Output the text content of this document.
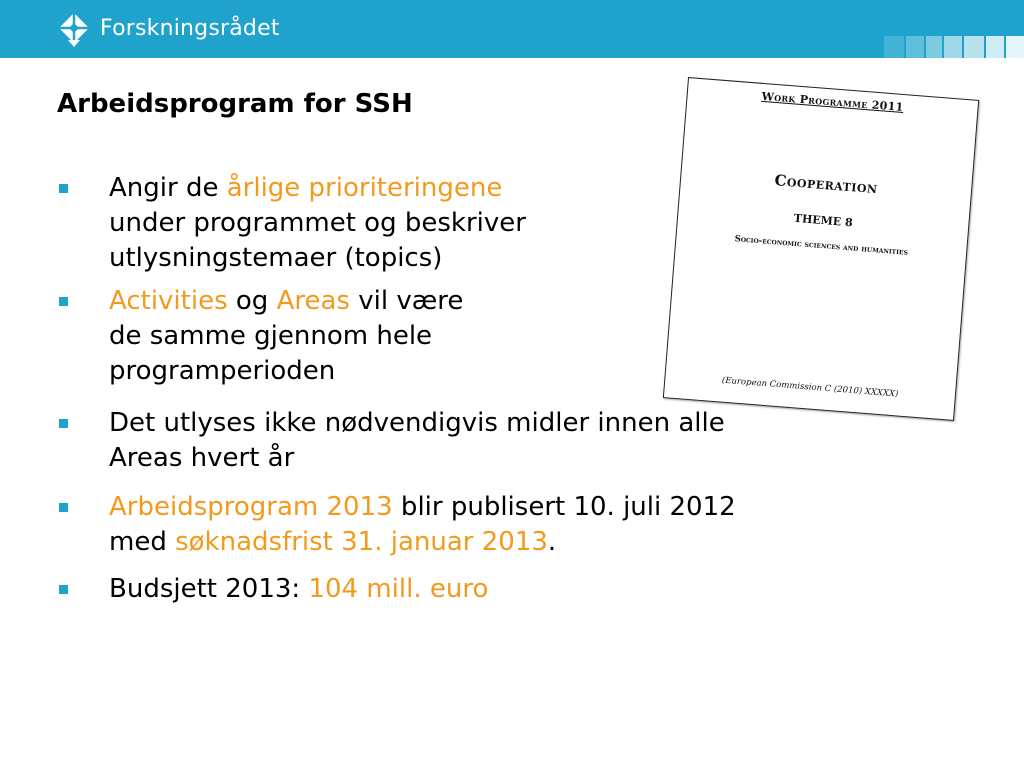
Forskningsrådet
Arbeidsprogram for SSH
Angir de årlige prioriteringene
under programmet og beskriver
utlysningstemaer (topics)
Activities og Areas vil være
de samme gjennom hele
programperioden
Det utlyses ikke nødvendigvis midler innen alle
Areas hvert år
Arbeidsprogram 2013 blir publisert 10. juli 2012
med søknadsfrist 31. januar 2013.
Budsjett 2013: 104 mill. euro
Work Programme 2011
Cooperation
THEME 8
Socio-economic sciences and humanities
(European Commission C (2010) XXXXX)
